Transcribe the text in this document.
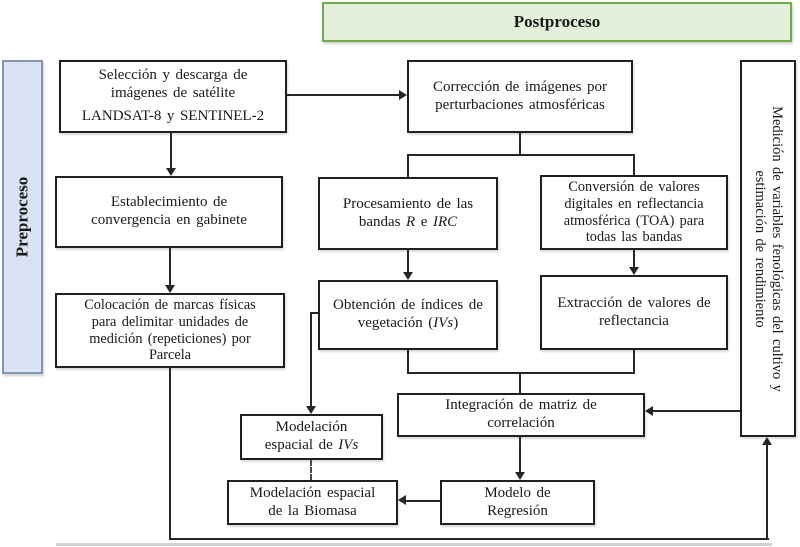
Postproceso
Preproceso
Selección y descarga de
imágenes de satélite
LANDSAT-8 y SENTINEL-2
Corrección de imágenes por
perturbaciones atmosféricas
Establecimiento de
convergencia en gabinete
Procesamiento de las
bandas R e IRC
Conversión de valores
digitales en reflectancia
atmosférica (TOA) para
todas las bandas
Colocación de marcas físicas
para delimitar unidades de
medición (repeticiones) por
Parcela
Obtención de índices de
vegetación (IVs)
Extracción de valores de
reflectancia
Integración de matriz de
correlación
Modelación
espacial de IVs
Modelación espacial
de la Biomasa
Modelo de
Regresión
Medición de variables fenológicas del cultivo y
estimación de rendimiento
